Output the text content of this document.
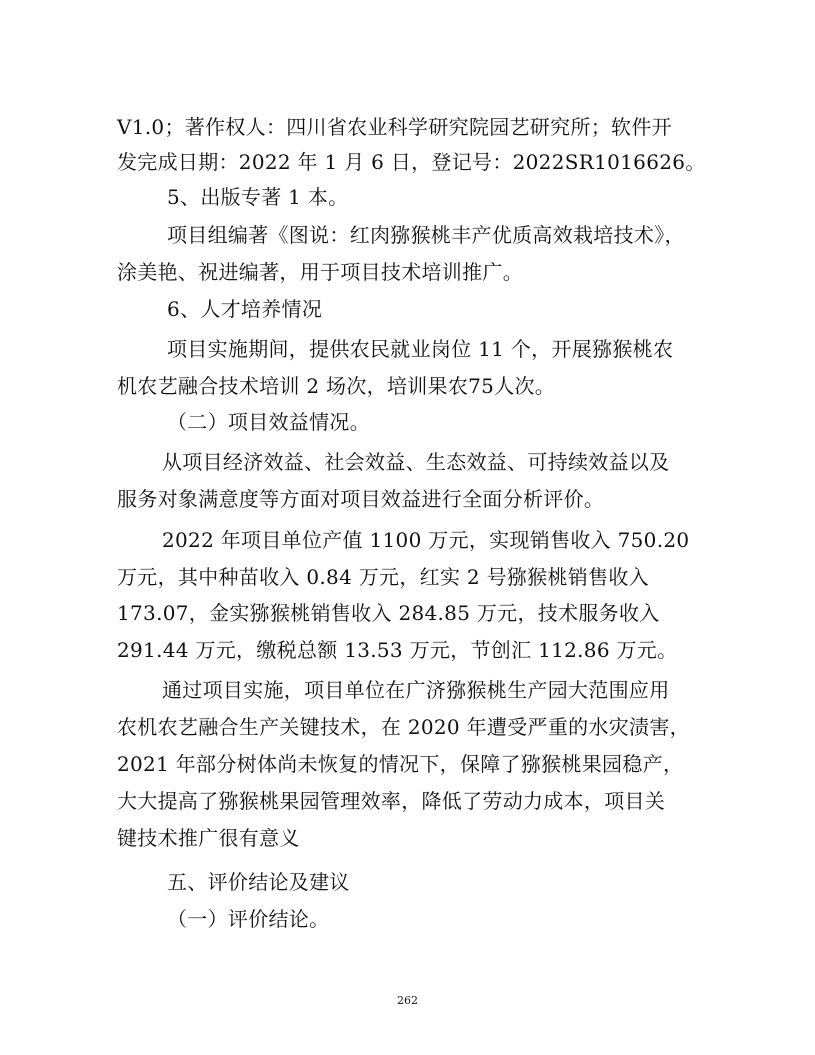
V1.0；著作权人：四川省农业科学研究院园艺研究所；软件开

发完成日期：2022 年 1 月 6 日，登记号：2022SR1016626。

5、出版专著 1 本。

项目组编著《图说：红肉猕猴桃丰产优质高效栽培技术》，

涂美艳、祝进编著，用于项目技术培训推广。

6、人才培养情况

项目实施期间，提供农民就业岗位 11 个，开展猕猴桃农

机农艺融合技术培训 2 场次，培训果农75人次。

（二）项目效益情况。

从项目经济效益、社会效益、生态效益、可持续效益以及

服务对象满意度等方面对项目效益进行全面分析评价。

2022 年项目单位产值 1100 万元，实现销售收入 750.20

万元，其中种苗收入 0.84 万元，红实 2 号猕猴桃销售收入

173.07，金实猕猴桃销售收入 284.85 万元，技术服务收入

291.44 万元，缴税总额 13.53 万元，节创汇 112.86 万元。

通过项目实施，项目单位在广济猕猴桃生产园大范围应用

农机农艺融合生产关键技术，在 2020 年遭受严重的水灾渍害，

2021 年部分树体尚未恢复的情况下，保障了猕猴桃果园稳产，

大大提高了猕猴桃果园管理效率，降低了劳动力成本，项目关

键技术推广很有意义

五、评价结论及建议

（一）评价结论。

262
